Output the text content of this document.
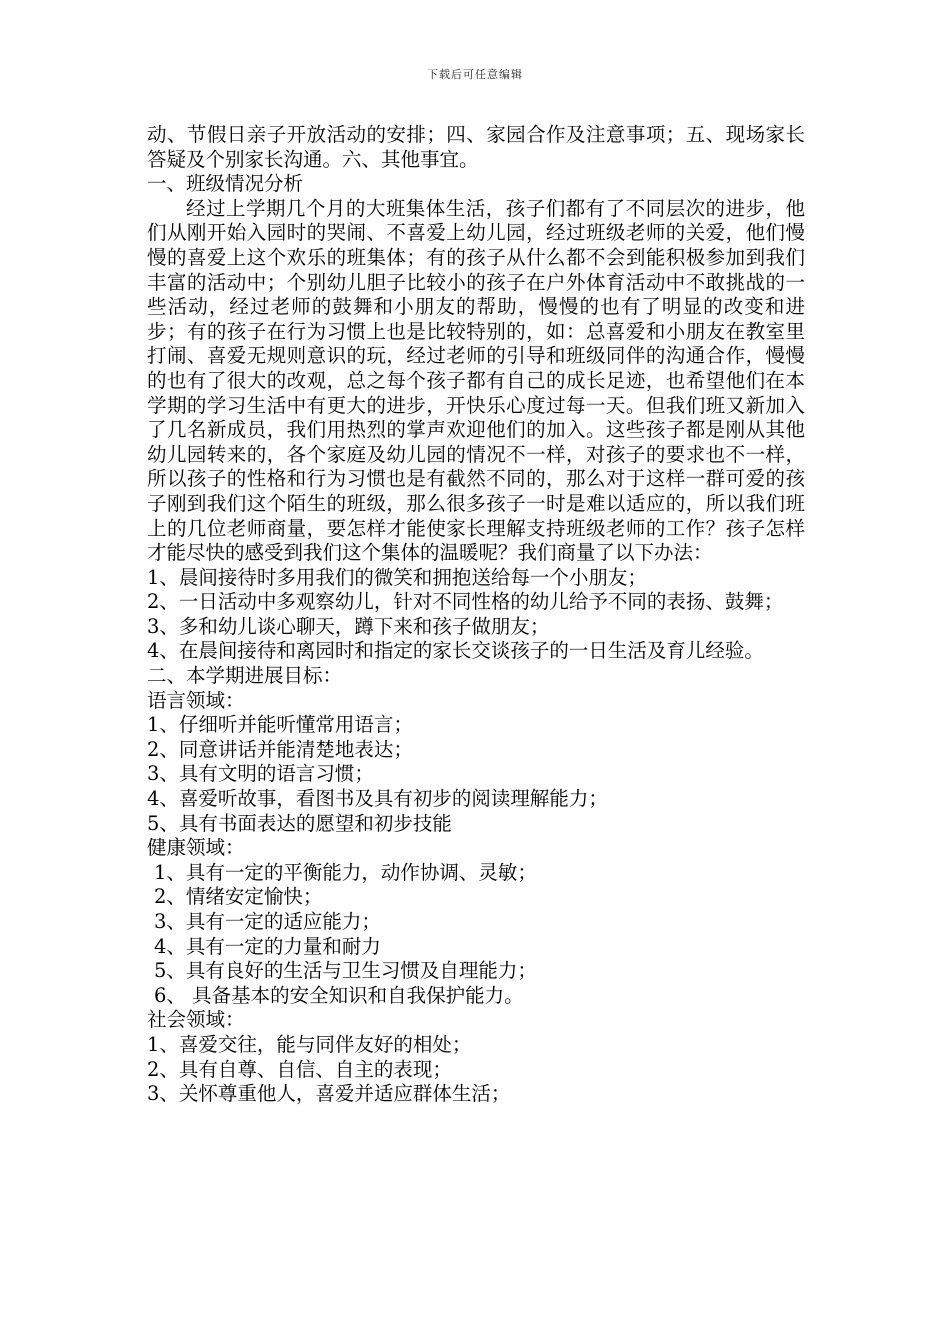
下载后可任意编辑

动、节假日亲子开放活动的安排；四、家园合作及注意事项；五、现场家长答疑及个别家长沟通。六、其他事宜。

一、班级情况分析

经过上学期几个月的大班集体生活，孩子们都有了不同层次的进步，他们从刚开始入园时的哭闹、不喜爱上幼儿园，经过班级老师的关爱，他们慢慢的喜爱上这个欢乐的班集体；有的孩子从什么都不会到能积极参加到我们丰富的活动中；个别幼儿胆子比较小的孩子在户外体育活动中不敢挑战的一些活动，经过老师的鼓舞和小朋友的帮助，慢慢的也有了明显的改变和进步；有的孩子在行为习惯上也是比较特别的，如：总喜爱和小朋友在教室里打闹、喜爱无规则意识的玩，经过老师的引导和班级同伴的沟通合作，慢慢的也有了很大的改观，总之每个孩子都有自己的成长足迹，也希望他们在本学期的学习生活中有更大的进步，开快乐心度过每一天。但我们班又新加入了几名新成员，我们用热烈的掌声欢迎他们的加入。这些孩子都是刚从其他幼儿园转来的，各个家庭及幼儿园的情况不一样，对孩子的要求也不一样，所以孩子的性格和行为习惯也是有截然不同的，那么对于这样一群可爱的孩子刚到我们这个陌生的班级，那么很多孩子一时是难以适应的，所以我们班上的几位老师商量，要怎样才能使家长理解支持班级老师的工作？孩子怎样才能尽快的感受到我们这个集体的温暖呢？我们商量了以下办法：

1、晨间接待时多用我们的微笑和拥抱送给每一个小朋友；

2、一日活动中多观察幼儿，针对不同性格的幼儿给予不同的表扬、鼓舞；

3、多和幼儿谈心聊天，蹲下来和孩子做朋友；

4、在晨间接待和离园时和指定的家长交谈孩子的一日生活及育儿经验。

二、本学期进展目标：

语言领域：

1、仔细听并能听懂常用语言；

2、同意讲话并能清楚地表达；

3、具有文明的语言习惯；

4、喜爱听故事，看图书及具有初步的阅读理解能力；

5、具有书面表达的愿望和初步技能

健康领域：

1、具有一定的平衡能力，动作协调、灵敏；

2、情绪安定愉快；

3、具有一定的适应能力；

4、具有一定的力量和耐力

5、具有良好的生活与卫生习惯及自理能力；

6、 具备基本的安全知识和自我保护能力。

社会领域：

1、喜爱交往，能与同伴友好的相处；

2、具有自尊、自信、自主的表现；

3、关怀尊重他人，喜爱并适应群体生活；
